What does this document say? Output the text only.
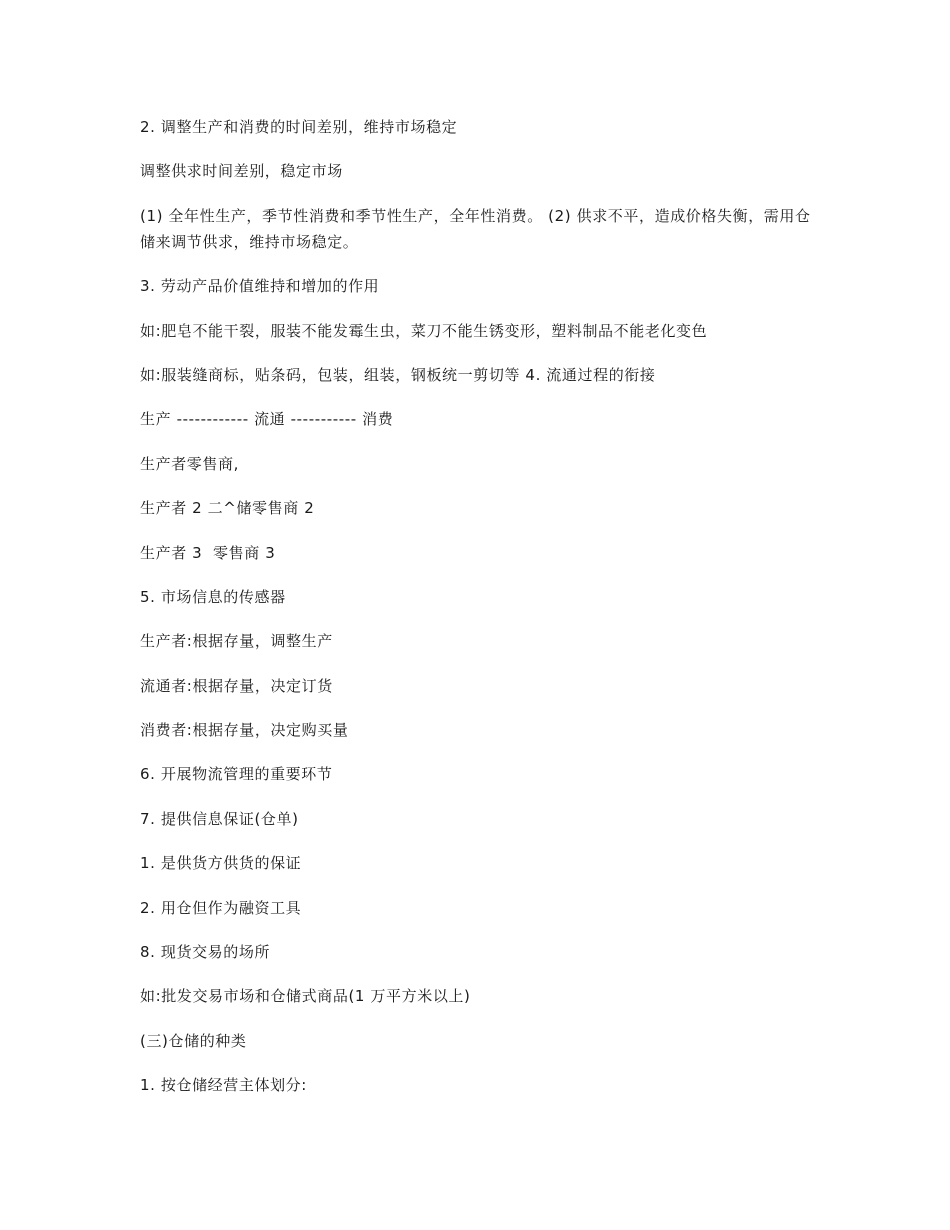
2. 调整生产和消费的时间差别，维持市场稳定

调整供求时间差别，稳定市场

(1) 全年性生产，季节性消费和季节性生产，全年性消费。 (2) 供求不平，造成价格失衡，需用仓储来调节供求，维持市场稳定。

3. 劳动产品价值维持和增加的作用

如:肥皂不能干裂，服装不能发霉生虫，菜刀不能生锈变形，塑料制品不能老化变色

如:服装缝商标，贴条码，包装，组装，钢板统一剪切等 4. 流通过程的衔接

生产 ------------ 流通 ----------- 消费

生产者零售商,

生产者 2 二^储零售商 2

生产者 3  零售商 3

5. 市场信息的传感器

生产者:根据存量，调整生产

流通者:根据存量，决定订货

消费者:根据存量，决定购买量

6. 开展物流管理的重要环节

7. 提供信息保证(仓单)

1. 是供货方供货的保证

2. 用仓但作为融资工具

8. 现货交易的场所

如:批发交易市场和仓储式商品(1 万平方米以上)

(三)仓储的种类

1. 按仓储经营主体划分:
